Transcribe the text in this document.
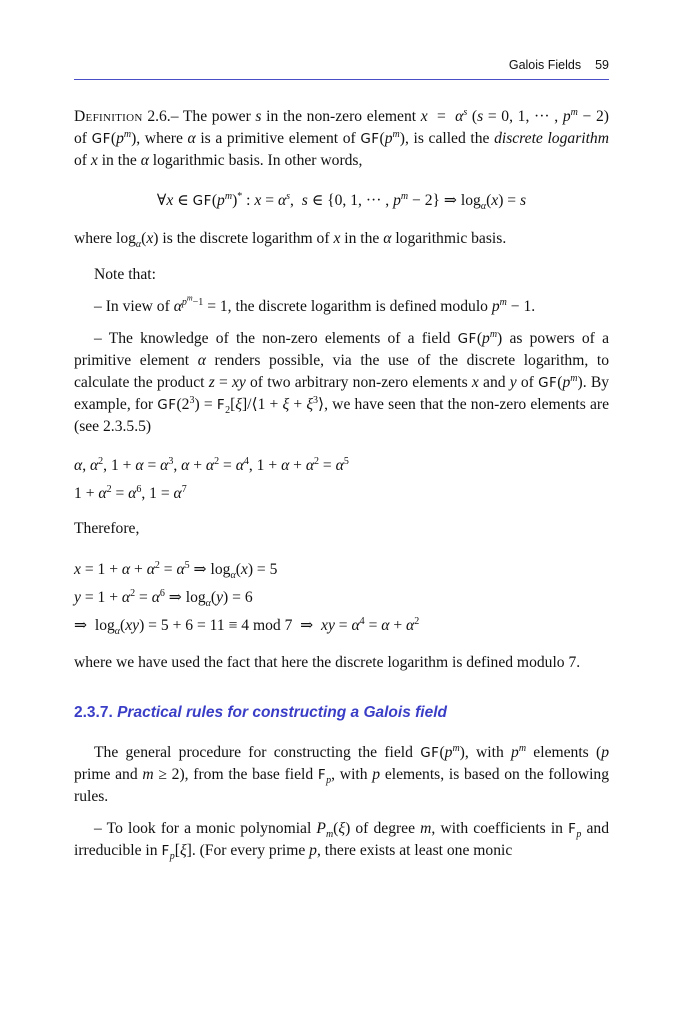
Galois Fields 59

Definition 2.6.– The power s in the non-zero element $x = \alpha^s$ (s = 0, 1, ··· , $p^m - 2$) of $GF(p^m)$, where α is a primitive element of $GF(p^m)$, is called the discrete logarithm of x in the α logarithmic basis. In other words,

∀x ∈ $GF(p^m)^*$ : $x = \alpha^s$,  s ∈ {0, 1, ··· , $p^m - 2$} ⇒ $\log_\alpha(x) = s$

where $\log_\alpha(x)$ is the discrete logarithm of x in the α logarithmic basis.

Note that:

– In view of $\alpha^{p^m-1} = 1$, the discrete logarithm is defined modulo $p^m - 1$.

– The knowledge of the non-zero elements of a field $GF(p^m)$ as powers of a primitive element α renders possible, via the use of the discrete logarithm, to calculate the product z = xy of two arbitrary non-zero elements x and y of $GF(p^m)$. By example, for $GF(2^3)$ = $F_2[\xi]/⟨1 + \xi$ + $\xi^3⟩$, we have seen that the non-zero elements are (see 2.3.5.5)

α, $\alpha^2$, $1 + \alpha = \alpha^3$, $\alpha + \alpha^2 = \alpha^4$, $1 + \alpha + \alpha^2 = \alpha^5$
$1 + \alpha^2 = \alpha^6$, $1 = \alpha^7$

Therefore,

$x = 1 + \alpha + \alpha^2 = \alpha^5$ ⇒ $\log_\alpha(x) = 5$
$y = 1 + \alpha^2 = \alpha^6$ ⇒ $\log_\alpha(y) = 6$
⇒  $\log_\alpha(xy) = 5 + 6 = 11 \equiv 4$ mod 7  ⇒  xy = $\alpha^4 = \alpha + \alpha^2$

where we have used the fact that here the discrete logarithm is defined modulo 7.

2.3.7. Practical rules for constructing a Galois field

The general procedure for constructing the field $GF(p^m)$, with $p^m$ elements (p prime and m ≥ 2), from the base field $F_p$, with p elements, is based on the following rules.

– To look for a monic polynomial $P_m(\xi)$ of degree m, with coefficients in $F_p$ and irreducible in $F_p[\xi]$. (For every prime p, there exists at least one monic
